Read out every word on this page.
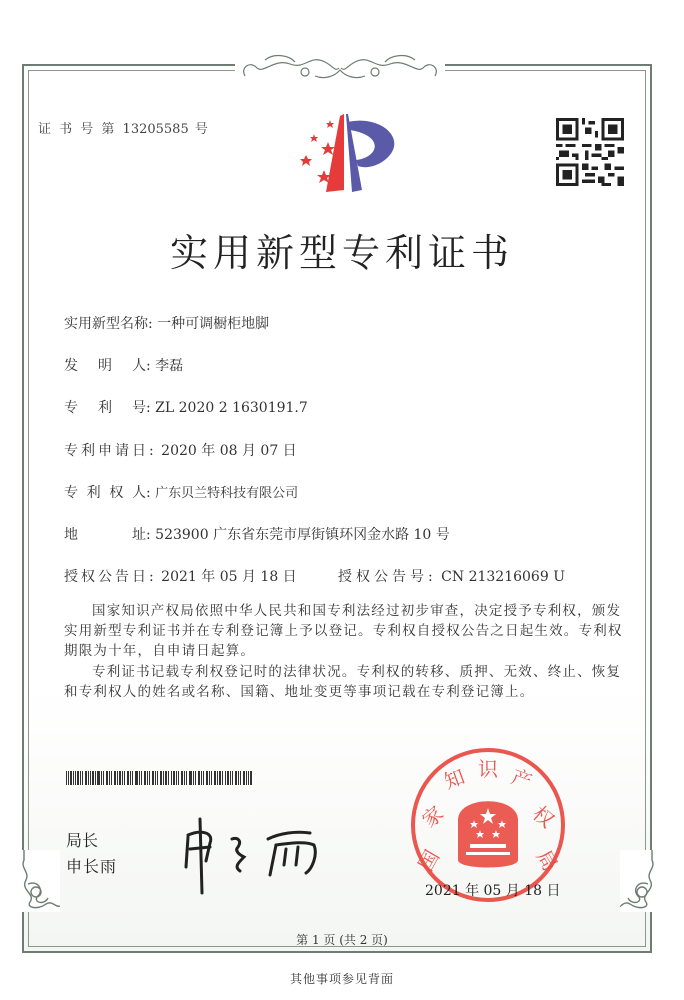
证 书 号 第 13205585 号
实用新型专利证书
实用新型名称: 一种可调橱柜地脚
发 明 人 : 李磊
专 利 号 : ZL 2020 2 1630191.7
专利申请日: 2020 年 08 月 07 日
专 利 权 人 : 广东贝兰特科技有限公司
地	址 : 523900 广东省东莞市厚街镇环冈金水路 10 号
授权公告日: 2021 年 05 月 18 日	授权公告号: CN 213216069 U
国家知识产权局依照中华人民共和国专利法经过初步审查，决定授予专利权，颁发实用新型专利证书并在专利登记簿上予以登记。专利权自授权公告之日起生效。专利权期限为十年，自申请日起算。
专利证书记载专利权登记时的法律状况。专利权的转移、质押、无效、终止、恢复和专利权人的姓名或名称、国籍、地址变更等事项记载在专利登记簿上。
局长
申长雨	国
家
知 识 产
权
局
2021 年 05 月 18 日
第 1 页 (共 2 页)
其他事项参见背面
